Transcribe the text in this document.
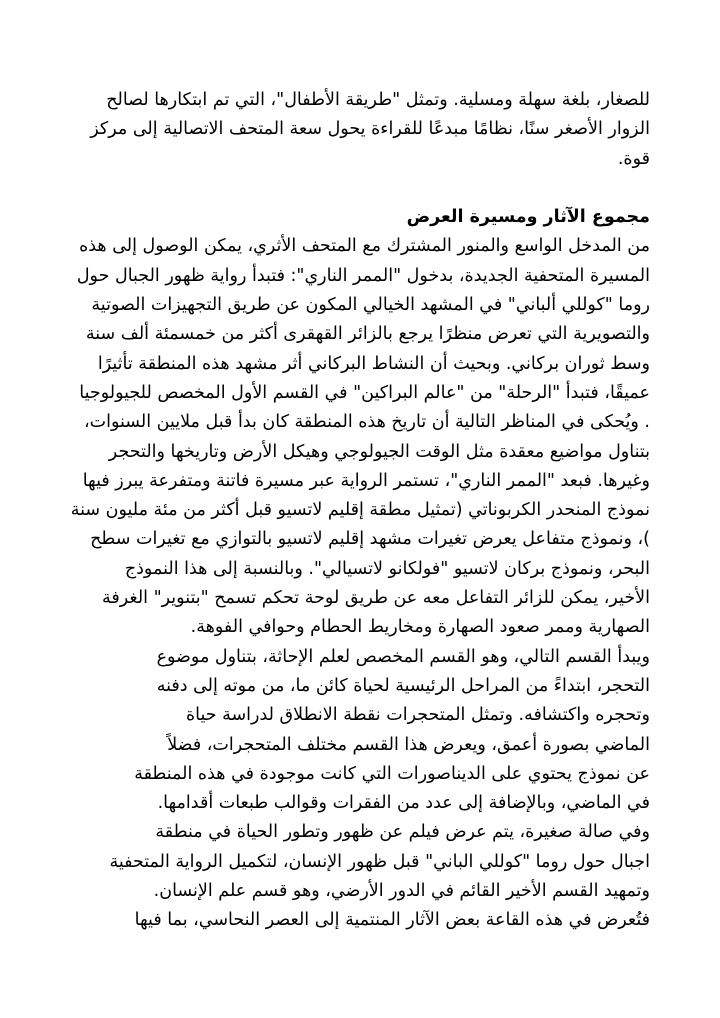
للصغار، بلغة سهلة ومسلية. وتمثل "طريقة الأطفال"، التي تم ابتكارها لصالح
الزوار الأصغر سنًا، نظامًا مبدعًا للقراءة يحول سعة المتحف الاتصالية إلى مركز
قوة.
مجموع الآثار ومسيرة العرض
من المدخل الواسع والمنور المشترك مع المتحف الأثري، يمكن الوصول إلى هذه
المسيرة المتحفية الجديدة، بدخول "الممر الناري": فتبدأ رواية ظهور الجبال حول
روما "كوللي ألباني" في المشهد الخيالي المكون عن طريق التجهيزات الصوتية
والتصويرية التي تعرض منظرًا يرجع بالزائر القهقرى أكثر من خمسمئة ألف سنة
وسط ثوران بركاني. وبحيث أن النشاط البركاني أثر مشهد هذه المنطقة تأثيرًا
عميقًا، فتبدأ "الرحلة" من "عالم البراكين" في القسم الأول المخصص للجيولوجيا
. ويُحكى في المناظر التالية أن تاريخ هذه المنطقة كان بدأ قبل ملايين السنوات،
بتناول مواضيع معقدة مثل الوقت الجيولوجي وهيكل الأرض وتاريخها والتحجر
وغيرها. فبعد "الممر الناري"، تستمر الرواية عبر مسيرة فاتنة ومتفرعة يبرز فيها
نموذج المنحدر الكربوناتي (تمثيل مطقة إقليم لاتسيو قبل أكثر من مئة مليون سنة
)، ونموذج متفاعل يعرض تغيرات مشهد إقليم لاتسيو بالتوازي مع تغيرات سطح
البحر، ونموذج بركان لاتسيو "فولكانو لاتسيالي". وبالنسبة إلى هذا النموذج
الأخير، يمكن للزائر التفاعل معه عن طريق لوحة تحكم تسمح "بتنوير" الغرفة
الصهارية وممر صعود الصهارة ومخاريط الحطام وحوافي الفوهة.
ويبدأ القسم التالي، وهو القسم المخصص لعلم الإحاثة، بتناول موضوع
التحجر، ابتداءً من المراحل الرئيسية لحياة كائن ما، من موته إلى دفنه
وتحجره واكتشافه. وتمثل المتحجرات نقطة الانطلاق لدراسة حياة
الماضي بصورة أعمق، ويعرض هذا القسم مختلف المتحجرات، فضلاً
عن نموذج يحتوي على الديناصورات التي كانت موجودة في هذه المنطقة
في الماضي، وبالإضافة إلى عدد من الفقرات وقوالب طبعات أقدامها.
وفي صالة صغيرة، يتم عرض فيلم عن ظهور وتطور الحياة في منطقة
اجبال حول روما "كوللي الباني" قبل ظهور الإنسان، لتكميل الرواية المتحفية
وتمهيد القسم الأخير القائم في الدور الأرضي، وهو قسم علم الإنسان.
فتُعرض في هذه القاعة بعض الآثار المنتمية إلى العصر النحاسي، بما فيها
